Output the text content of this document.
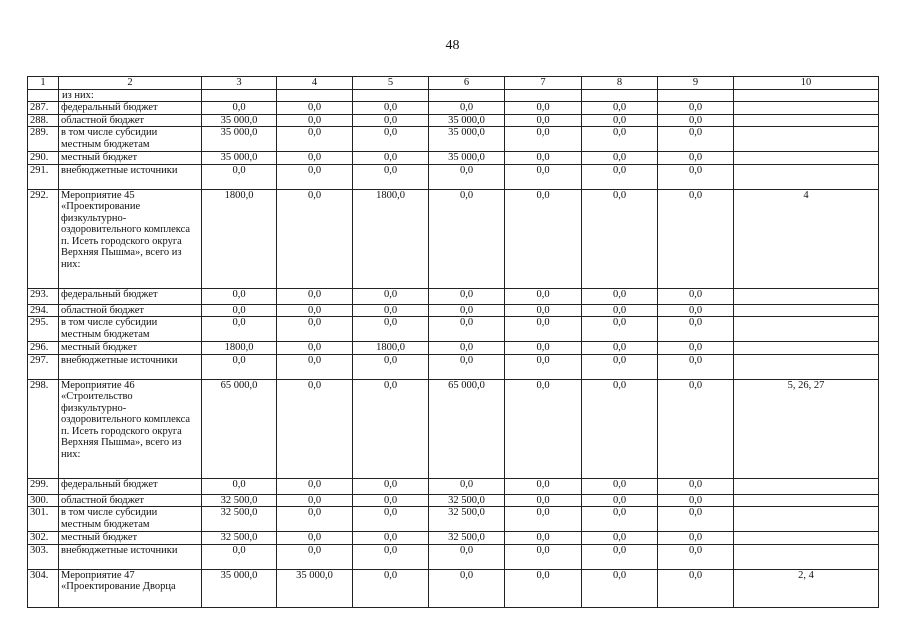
48
1	2	3	4	5	6	7	8	9	10
	из них:								
287.	федеральный бюджет	0,0	0,0	0,0	0,0	0,0	0,0	0,0	
288.	областной бюджет	35 000,0	0,0	0,0	35 000,0	0,0	0,0	0,0	
289.	в том числе субсидии местным бюджетам	35 000,0	0,0	0,0	35 000,0	0,0	0,0	0,0	
290.	местный бюджет	35 000,0	0,0	0,0	35 000,0	0,0	0,0	0,0	
291.	внебюджетные источники	0,0	0,0	0,0	0,0	0,0	0,0	0,0	
292.	Мероприятие 45 «Проектирование физкультурно-оздоровительного комплекса п. Исеть городского округа Верхняя Пышма», всего из них:	1800,0	0,0	1800,0	0,0	0,0	0,0	0,0	4
293.	федеральный бюджет	0,0	0,0	0,0	0,0	0,0	0,0	0,0	
294.	областной бюджет	0,0	0,0	0,0	0,0	0,0	0,0	0,0	
295.	в том числе субсидии местным бюджетам	0,0	0,0	0,0	0,0	0,0	0,0	0,0	
296.	местный бюджет	1800,0	0,0	1800,0	0,0	0,0	0,0	0,0	
297.	внебюджетные источники	0,0	0,0	0,0	0,0	0,0	0,0	0,0	
298.	Мероприятие 46 «Строительство физкультурно-оздоровительного комплекса п. Исеть городского округа Верхняя Пышма», всего из них:	65 000,0	0,0	0,0	65 000,0	0,0	0,0	0,0	5, 26, 27
299.	федеральный бюджет	0,0	0,0	0,0	0,0	0,0	0,0	0,0	
300.	областной бюджет	32 500,0	0,0	0,0	32 500,0	0,0	0,0	0,0	
301.	в том числе субсидии местным бюджетам	32 500,0	0,0	0,0	32 500,0	0,0	0,0	0,0	
302.	местный бюджет	32 500,0	0,0	0,0	32 500,0	0,0	0,0	0,0	
303.	внебюджетные источники	0,0	0,0	0,0	0,0	0,0	0,0	0,0	
304.	Мероприятие 47 «Проектирование Дворца	35 000,0	35 000,0	0,0	0,0	0,0	0,0	0,0	2, 4
